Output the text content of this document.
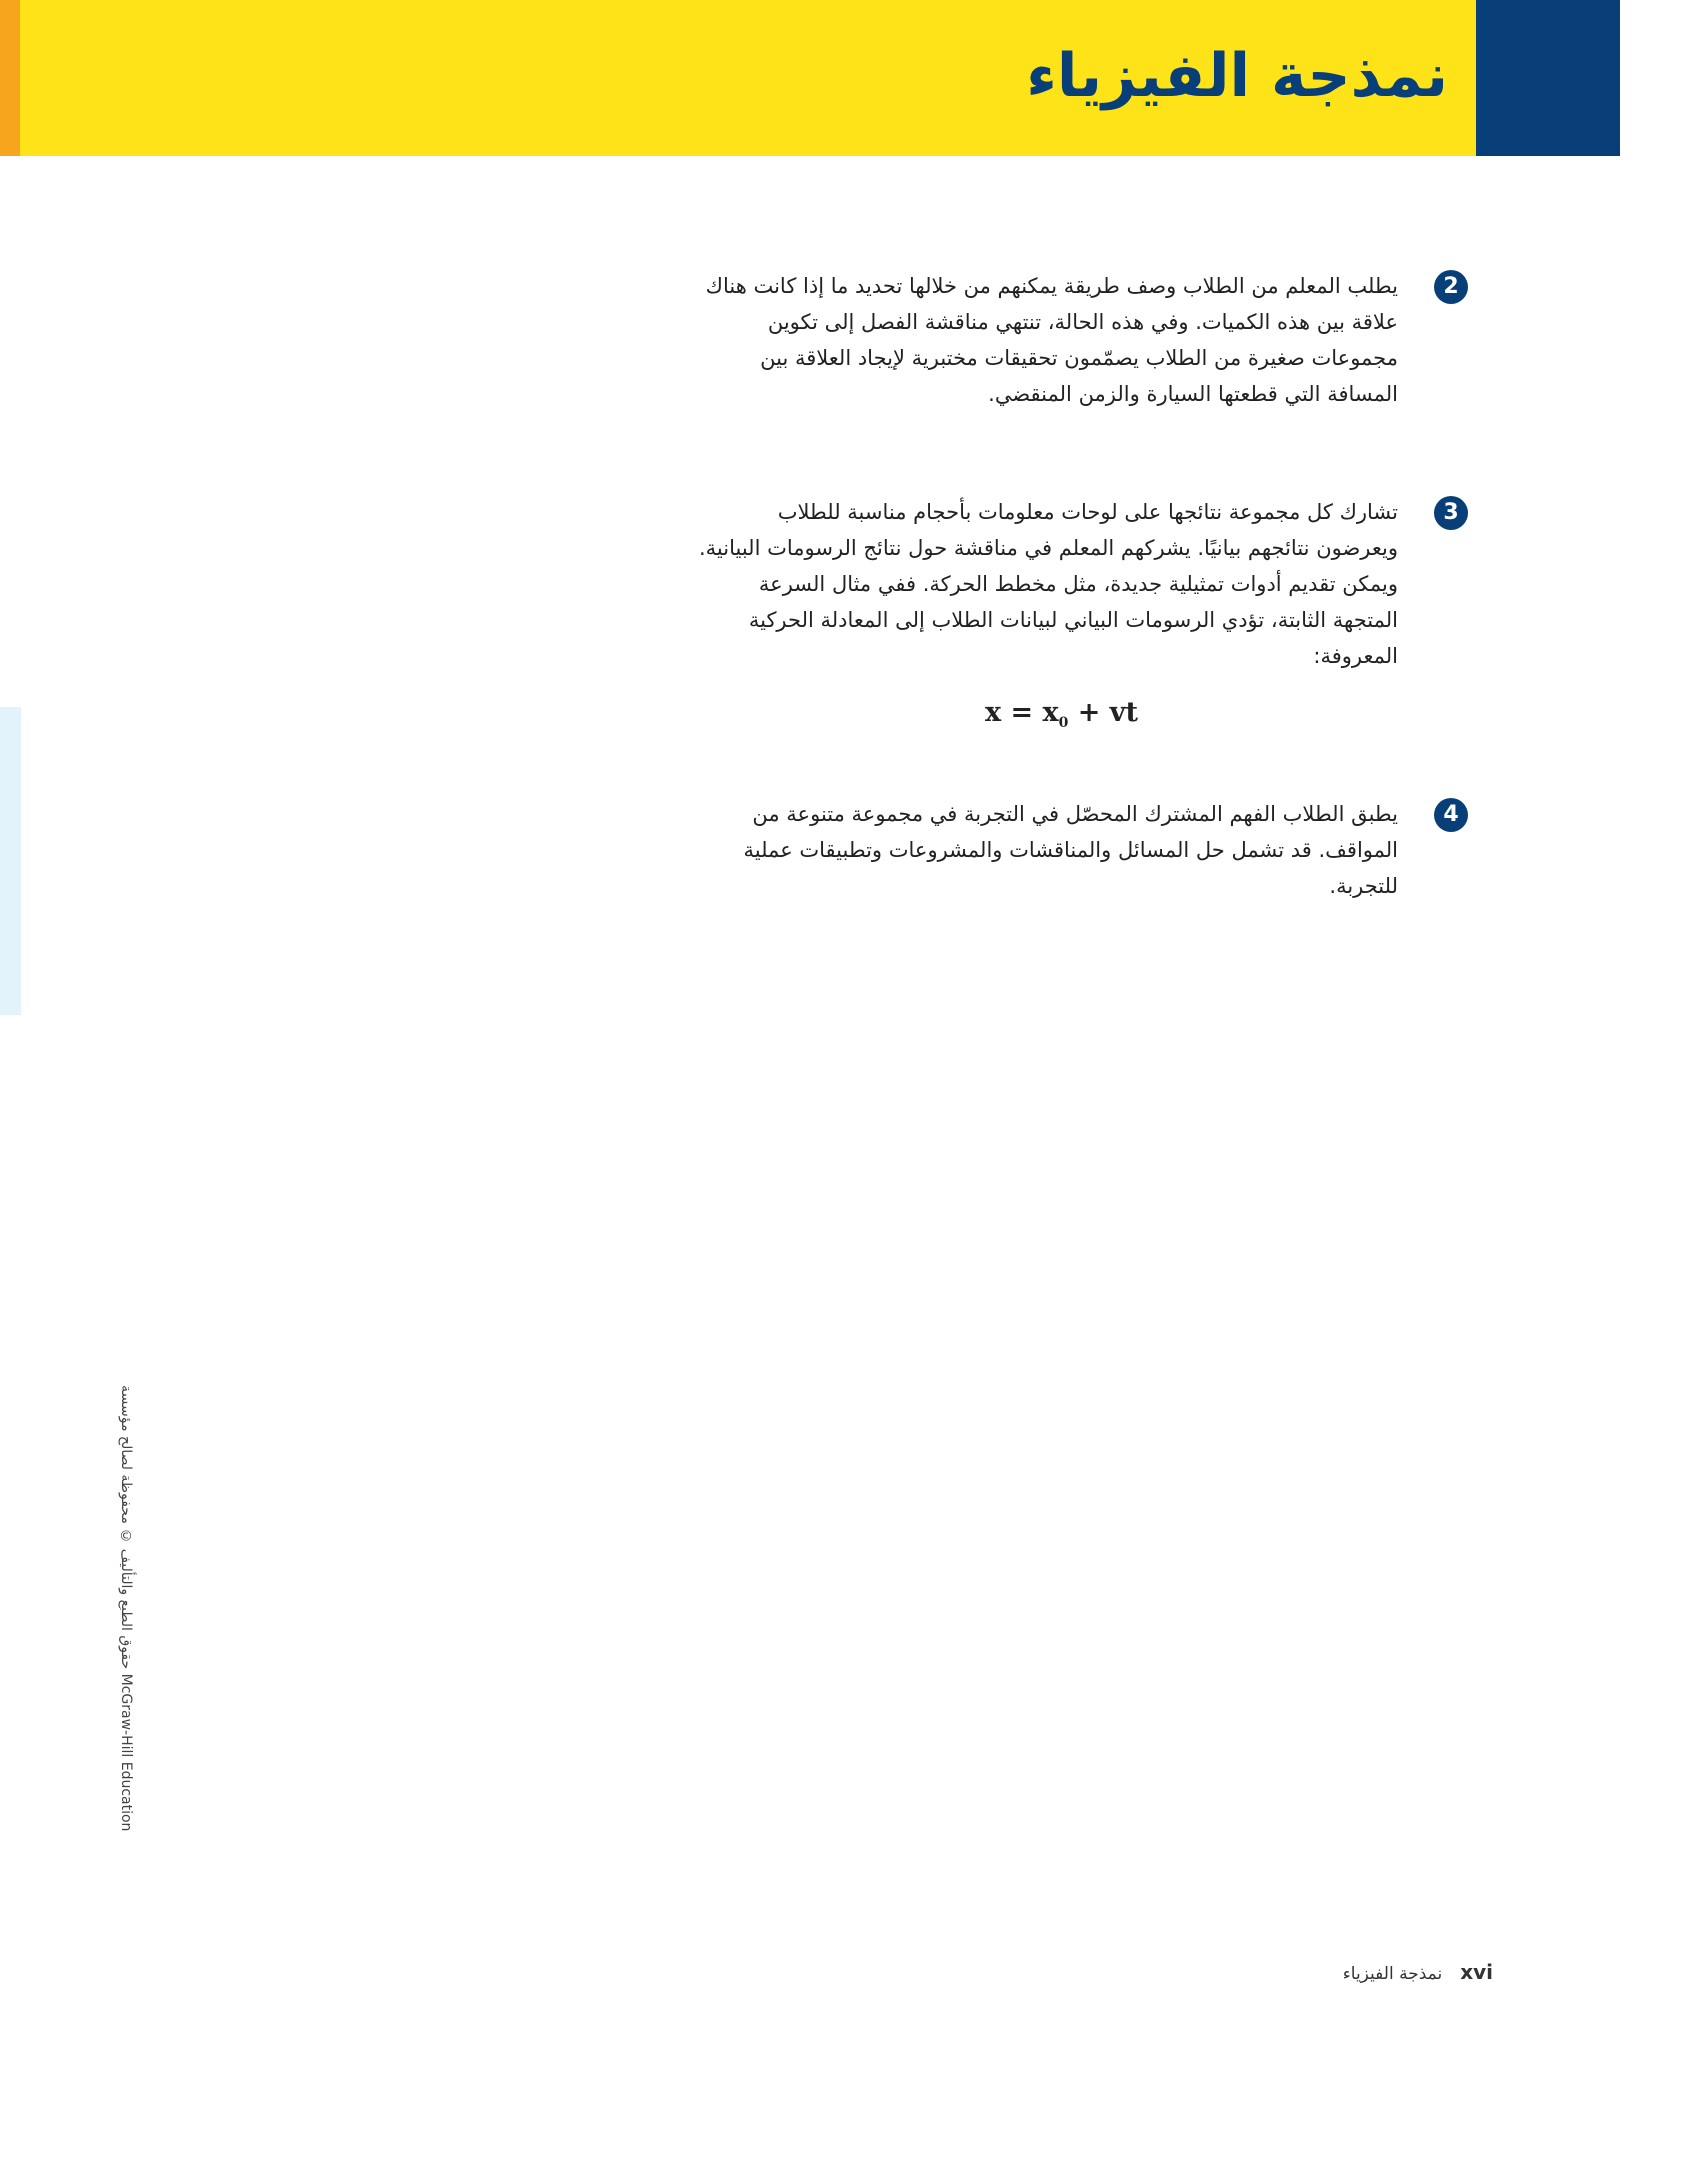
نمذجة الفيزياء
2

يطلب المعلم من الطلاب وصف طريقة يمكنهم من خلالها تحديد ما إذا كانت هناك علاقة بين هذه الكميات. وفي هذه الحالة، تنتهي مناقشة الفصل إلى تكوين مجموعات صغيرة من الطلاب يصمّمون تحقيقات مختبرية لإيجاد العلاقة بين المسافة التي قطعتها السيارة والزمن المنقضي.

3

تشارك كل مجموعة نتائجها على لوحات معلومات بأحجام مناسبة للطلاب ويعرضون نتائجهم بيانيًا. يشركهم المعلم في مناقشة حول نتائج الرسومات البيانية. ويمكن تقديم أدوات تمثيلية جديدة، مثل مخطط الحركة. ففي مثال السرعة المتجهة الثابتة، تؤدي الرسومات البياني لبيانات الطلاب إلى المعادلة الحركية المعروفة:

$x = x_0$ + vt
4

يطبق الطلاب الفهم المشترك المحصّل في التجربة في مجموعة متنوعة من المواقف. قد تشمل حل المسائل والمناقشات والمشروعات وتطبيقات عملية للتجربة.

حقوق الطبع والتأليف © محفوظة لصالح مؤسسة McGraw-Hill Education
نمذجة الفيزياء xvi
